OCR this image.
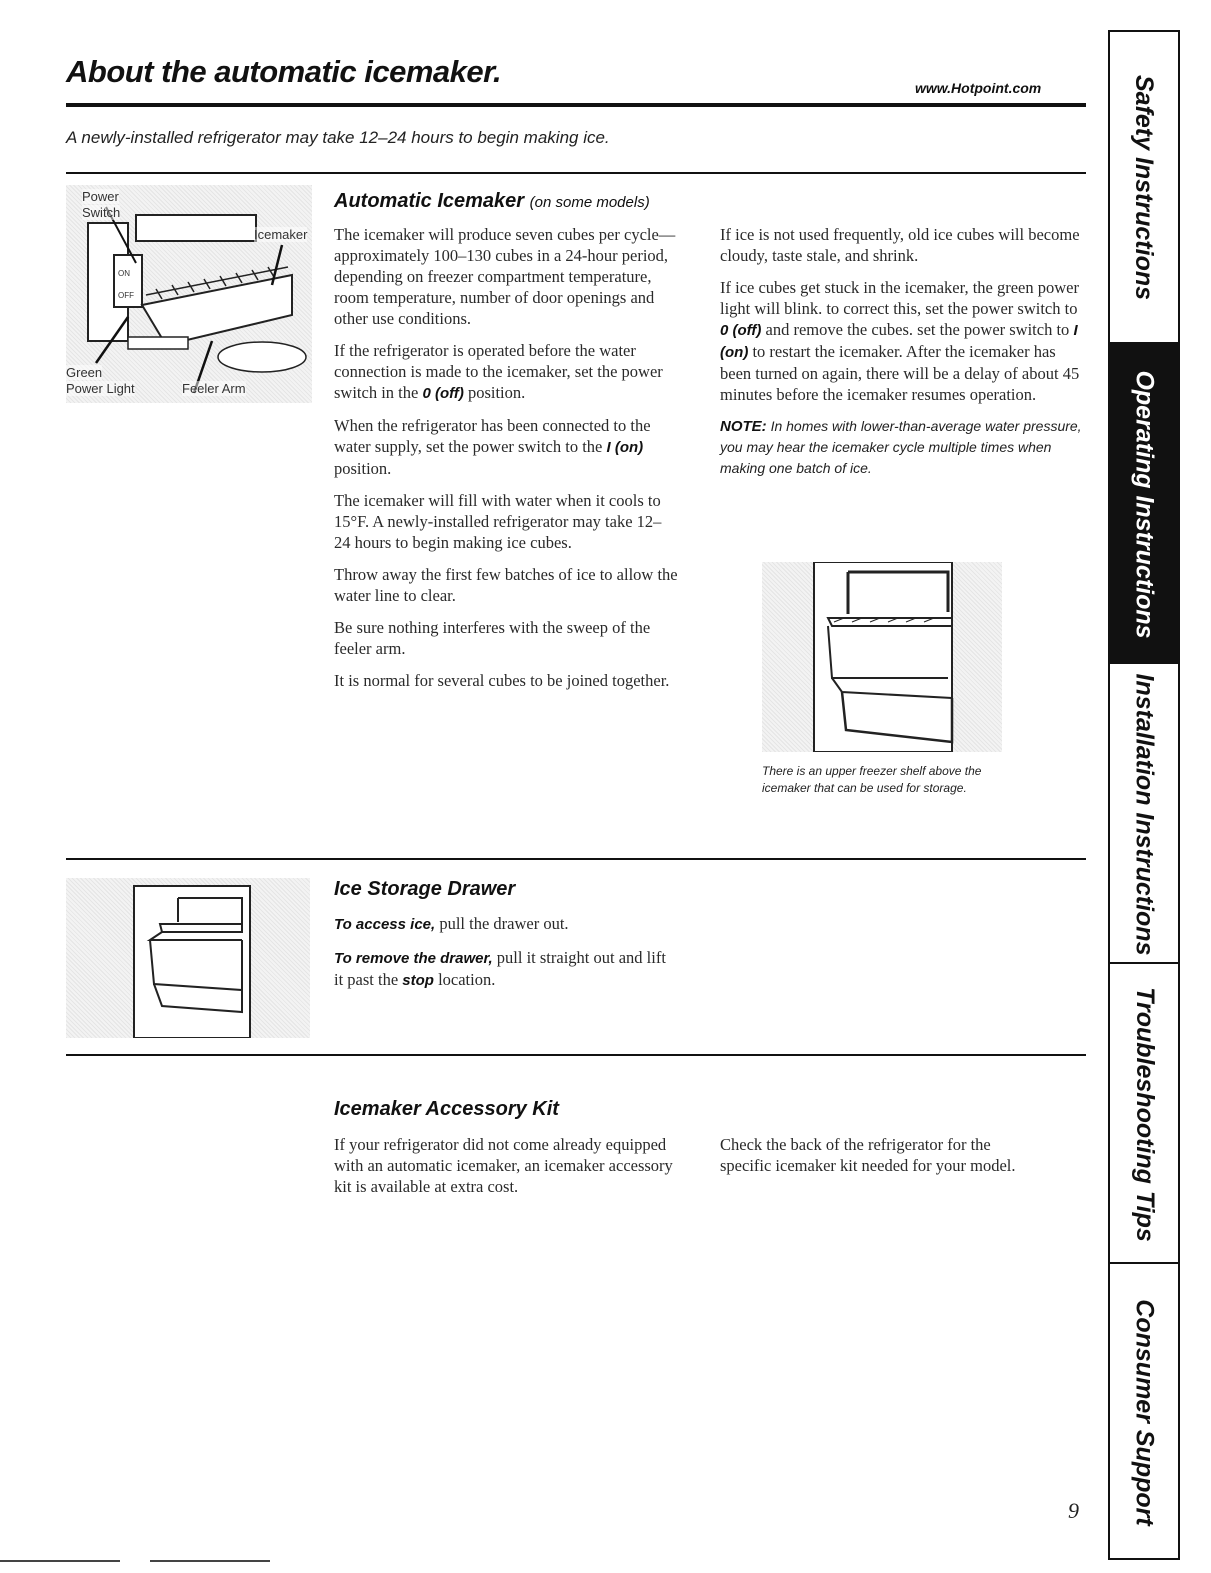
About the automatic icemaker.	www.Hotpoint.com
A newly-installed refrigerator may take 12–24 hours to begin making ice.
Power
Switch
Icemaker
ON
OFF
Green
Power Light	Feeler Arm
Automatic Icemaker (on some models)

The icemaker will produce seven cubes per cycle—approximately 100–130 cubes in a 24-hour period, depending on freezer compartment temperature, room temperature, number of door openings and other use conditions.

If the refrigerator is operated before the water connection is made to the icemaker, set the power switch in the 0 (off) position.

When the refrigerator has been connected to the water supply, set the power switch to the I (on) position.

The icemaker will fill with water when it cools to 15°F. A newly-installed refrigerator may take 12–24 hours to begin making ice cubes.

Throw away the first few batches of ice to allow the water line to clear.

Be sure nothing interferes with the sweep of the feeler arm.

It is normal for several cubes to be joined together.

If ice is not used frequently, old ice cubes will become cloudy, taste stale, and shrink.

If ice cubes get stuck in the icemaker, the green power light will blink. to correct this, set the power switch to 0 (off) and remove the cubes. set the power switch to I (on) to restart the icemaker. After the icemaker has been turned on again, there will be a delay of about 45 minutes before the icemaker resumes operation.

NOTE: In homes with lower-than-average water pressure, you may hear the icemaker cycle multiple times when making one batch of ice.

There is an upper freezer shelf above the icemaker that can be used for storage.
Ice Storage Drawer

To access ice, pull the drawer out.

To remove the drawer, pull it straight out and lift it past the stop location.

Icemaker Accessory Kit
If your refrigerator did not come already equipped with an automatic icemaker, an icemaker accessory kit is available at extra cost.
Check the back of the refrigerator for the specific icemaker kit needed for your model.
Safety Instructions
Operating Instructions
Installation Instructions
Troubleshooting Tips
Consumer Support
9
